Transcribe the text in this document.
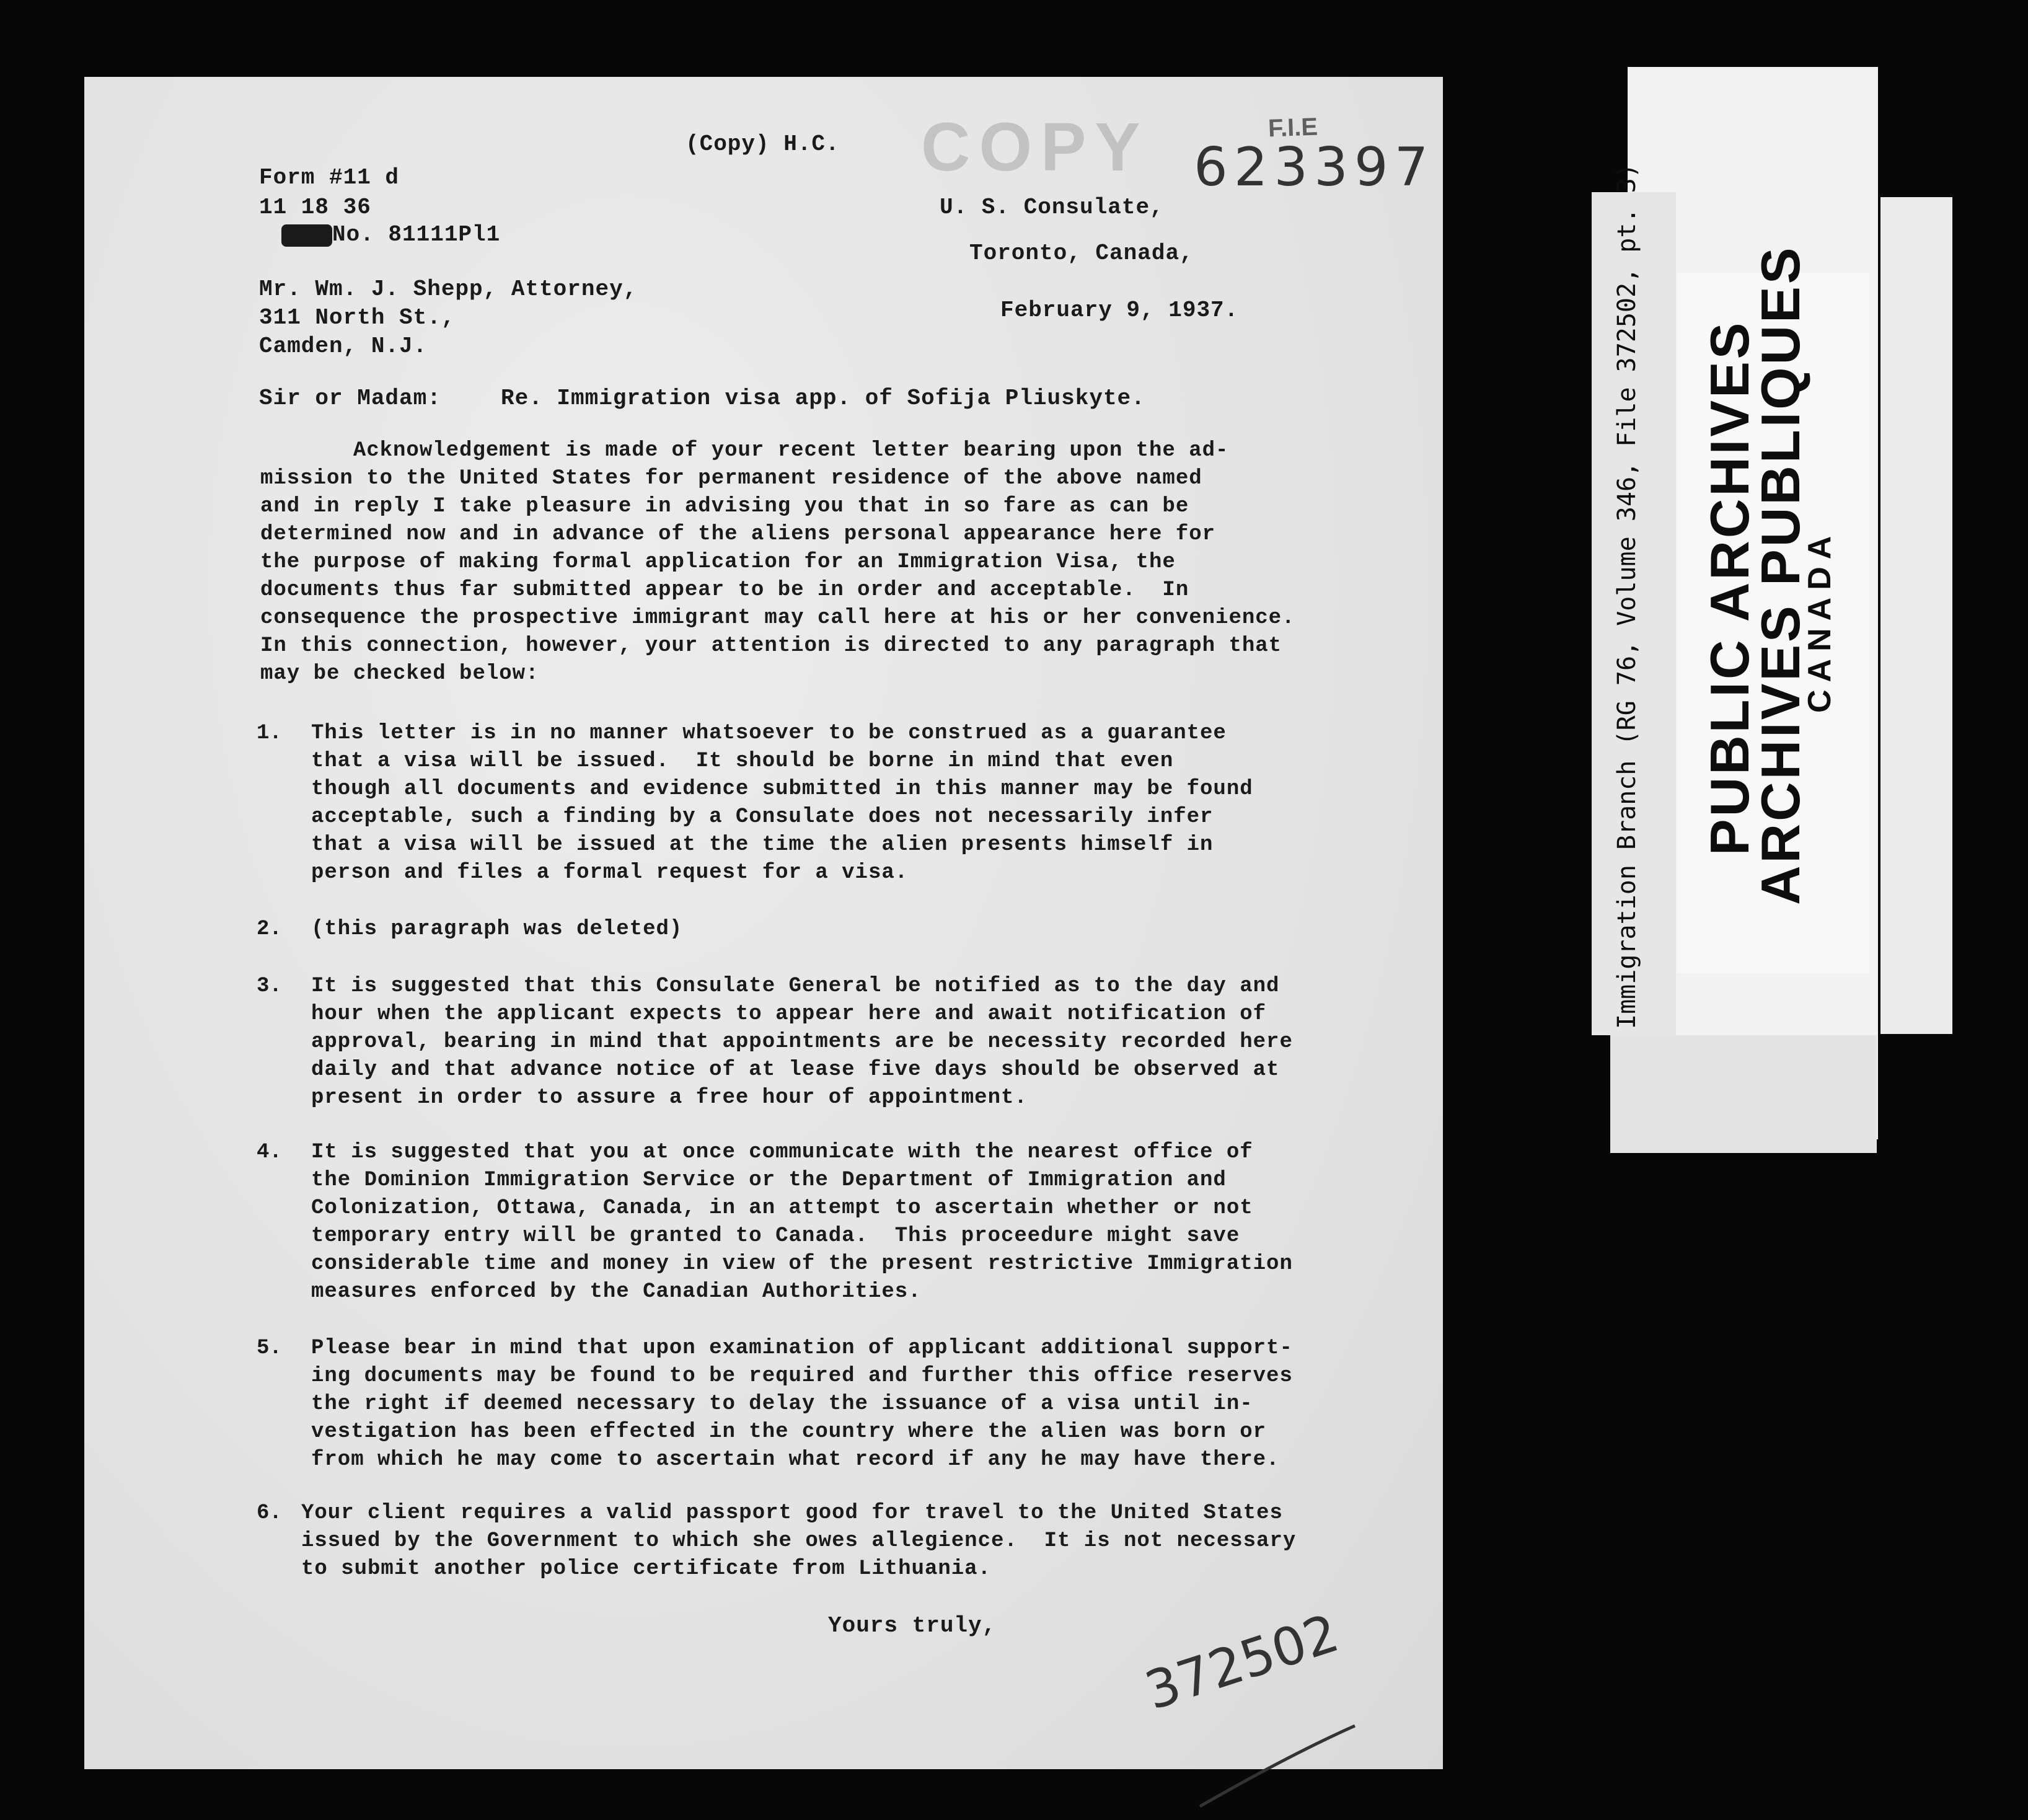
(Copy) H.C. COPY	F.I.E
623397
Form #11 d
11 18 36
No. 81111Pl1
U. S. Consulate,
Toronto, Canada,
February 9, 1937.
Mr. Wm. J. Shepp, Attorney,
311 North St.,
Camden, N.J.
Sir or Madam:	Re. Immigration visa app. of Sofija Pliuskyte.
Acknowledgement is made of your recent letter bearing upon the ad-
mission to the United States for permanent residence of the above named
and in reply I take pleasure in advising you that in so fare as can be
determined now and in advance of the aliens personal appearance here for
the purpose of making formal application for an Immigration Visa, the
documents thus far submitted appear to be in order and acceptable.  In
consequence the prospective immigrant may call here at his or her convenience.
In this connection, however, your attention is directed to any paragraph that
may be checked below:
1. This letter is in no manner whatsoever to be construed as a guarantee
that a visa will be issued.  It should be borne in mind that even
though all documents and evidence submitted in this manner may be found
acceptable, such a finding by a Consulate does not necessarily infer
that a visa will be issued at the time the alien presents himself in
person and files a formal request for a visa.
2. (this paragraph was deleted)
3. It is suggested that this Consulate General be notified as to the day and
hour when the applicant expects to appear here and await notification of
approval, bearing in mind that appointments are be necessity recorded here
daily and that advance notice of at lease five days should be observed at
present in order to assure a free hour of appointment.
4. It is suggested that you at once communicate with the nearest office of
the Dominion Immigration Service or the Department of Immigration and
Colonization, Ottawa, Canada, in an attempt to ascertain whether or not
temporary entry will be granted to Canada.  This proceedure might save
considerable time and money in view of the present restrictive Immigration
measures enforced by the Canadian Authorities.
5. Please bear in mind that upon examination of applicant additional support-
ing documents may be found to be required and further this office reserves
the right if deemed necessary to delay the issuance of a visa until in-
vestigation has been effected in the country where the alien was born or
from which he may come to ascertain what record if any he may have there.
6. Your client requires a valid passport good for travel to the United States
issued by the Government to which she owes allegience.  It is not necessary
to submit another police certificate from Lithuania.
Yours truly,	372502
Immigration Branch (RG 76, Volume 346, File 372502, pt. 3) PUBLIC ARCHIVES
ARCHIVES PUBLIQUES
CANADA
